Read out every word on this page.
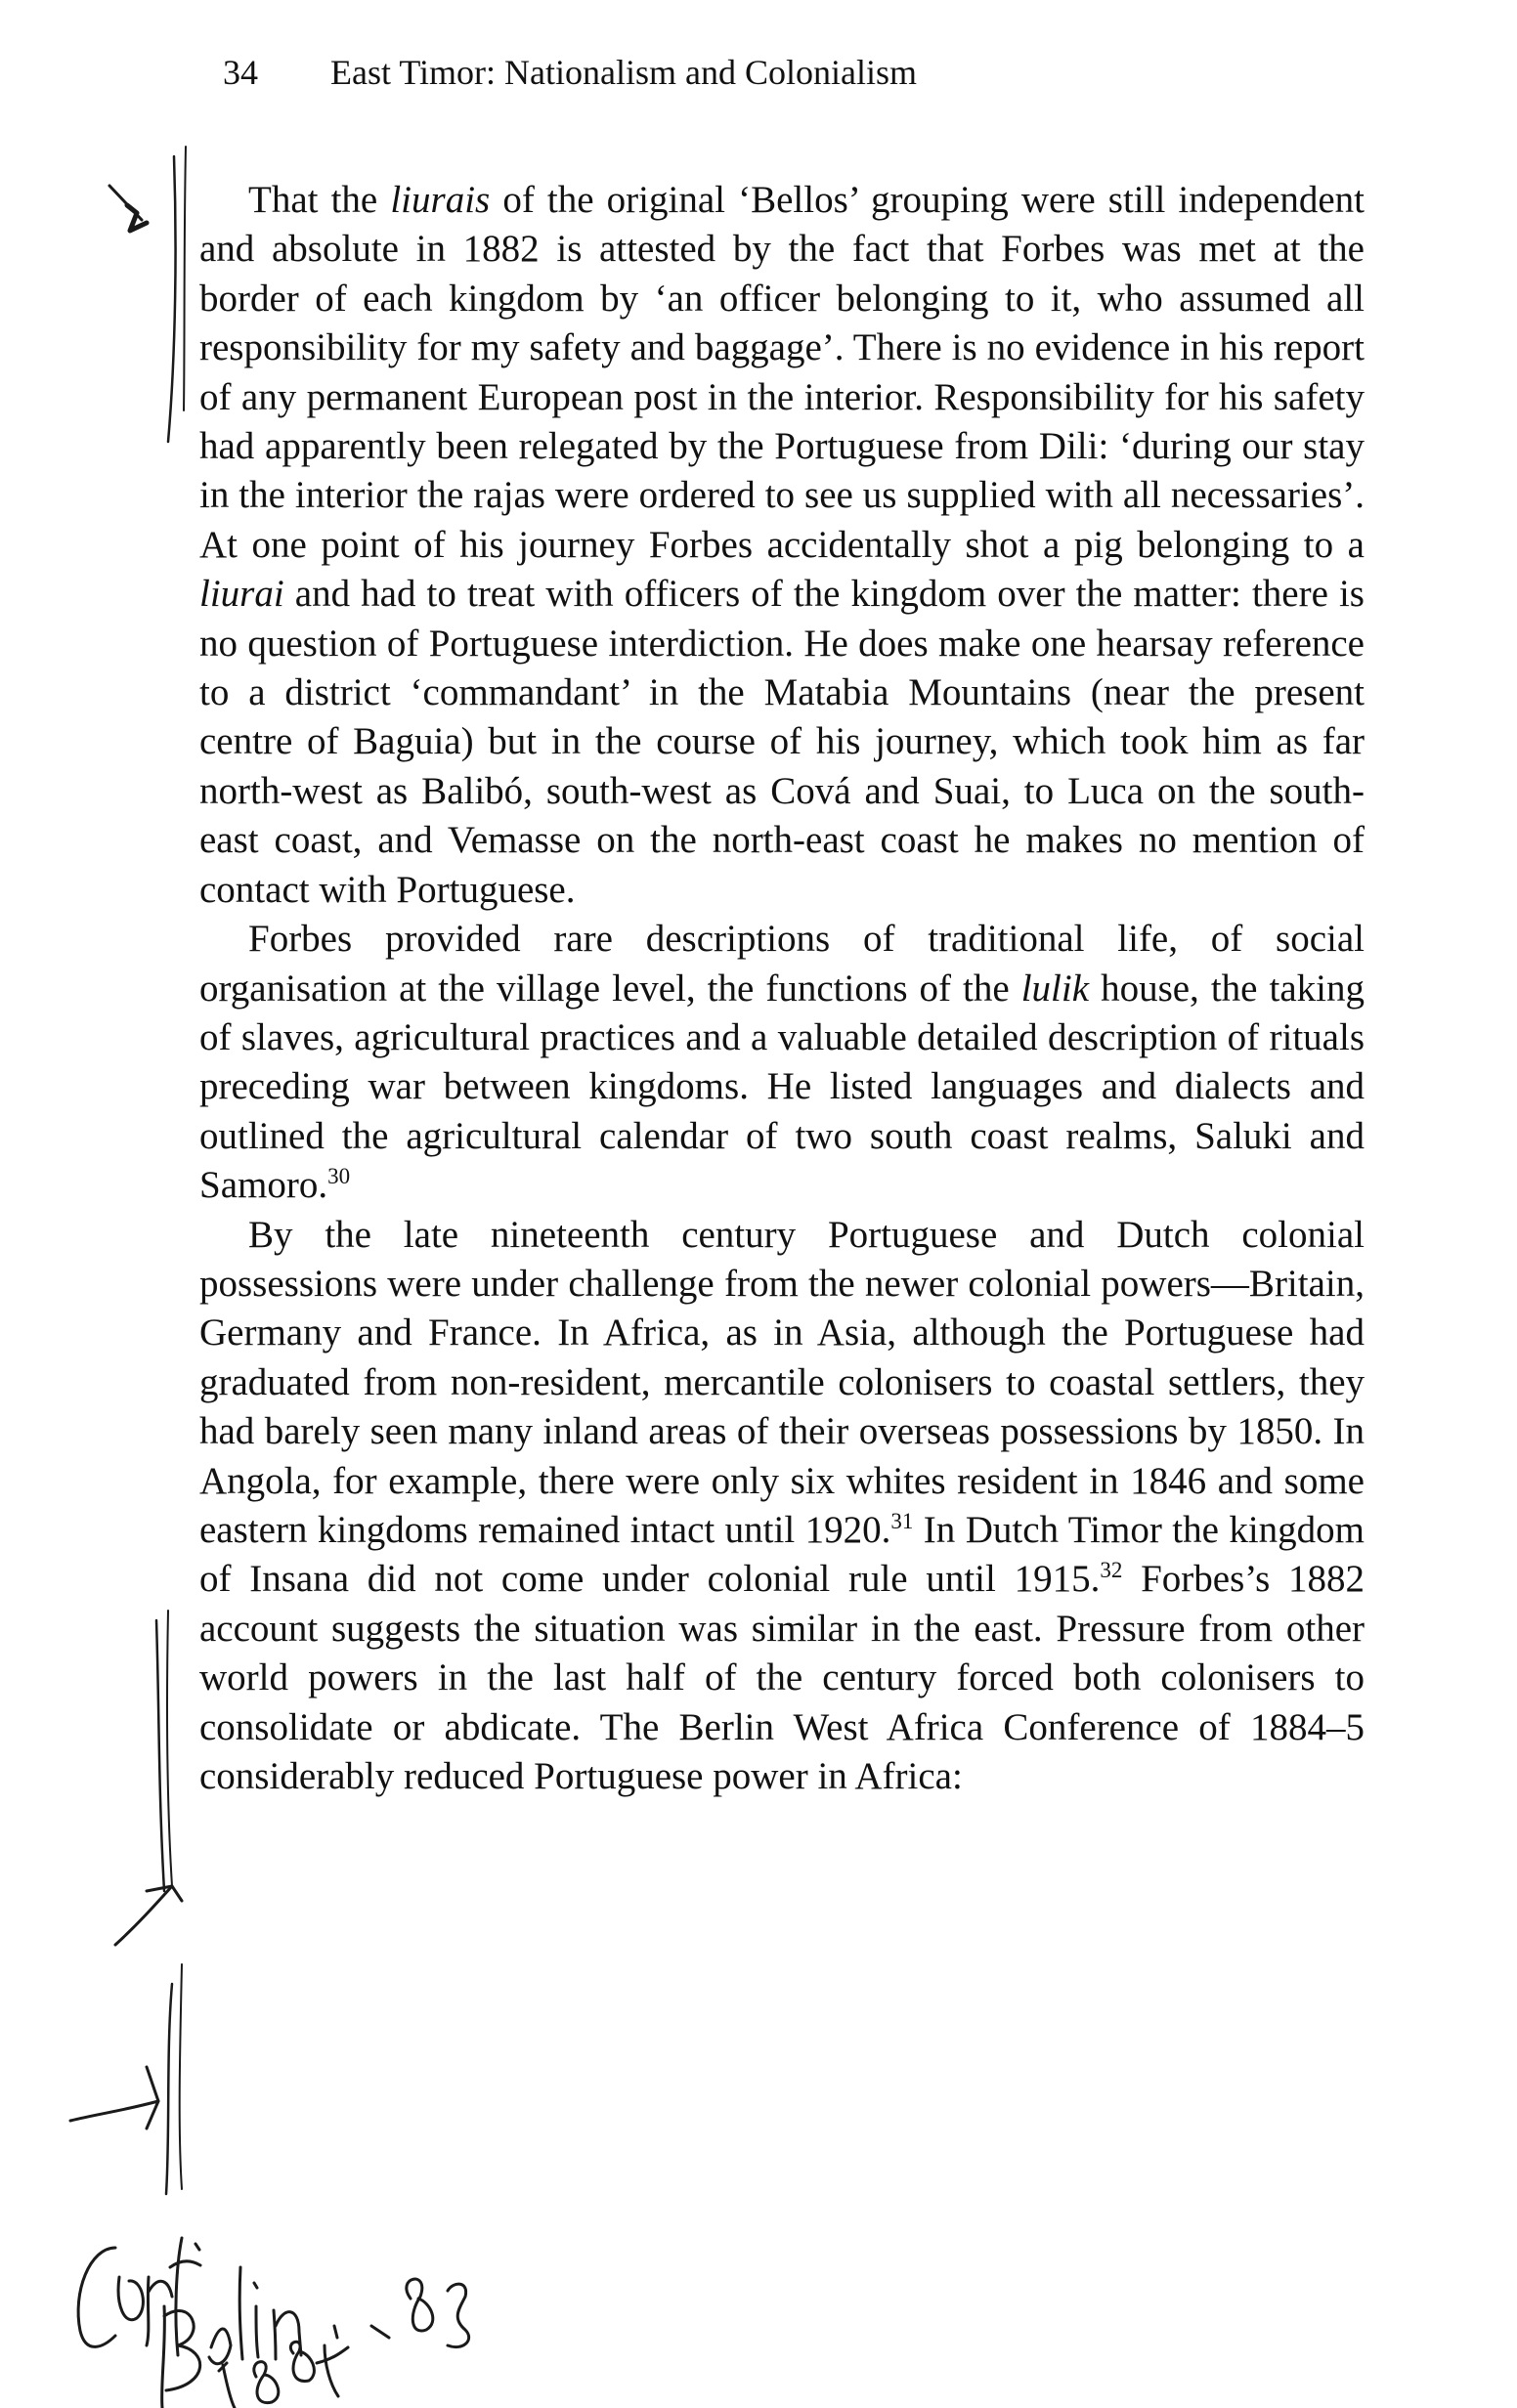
34 East Timor: Nationalism and Colonialism

That the liurais of the original ‘Bellos’ grouping were still independent and absolute in 1882 is attested by the fact that Forbes was met at the border of each kingdom by ‘an officer belonging to it, who assumed all responsibility for my safety and baggage’. There is no evidence in his report of any permanent European post in the interior. Responsibility for his safety had apparently been relegated by the Portuguese from Dili: ‘during our stay in the interior the rajas were ordered to see us supplied with all necessaries’. At one point of his journey Forbes accidentally shot a pig belonging to a liurai and had to treat with officers of the kingdom over the matter: there is no question of Portuguese interdiction. He does make one hearsay reference to a district ‘commandant’ in the Matabia Mountains (near the present centre of Baguia) but in the course of his journey, which took him as far north-west as Balibó, south-west as Cová and Suai, to Luca on the south-east coast, and Vemasse on the north-east coast he makes no mention of contact with Portuguese.

Forbes provided rare descriptions of traditional life, of social organisation at the village level, the functions of the lulik house, the taking of slaves, agricultural practices and a valuable detailed description of rituals preceding war between kingdoms. He listed languages and dialects and outlined the agricultural calendar of two south coast realms, Saluki and Samoro.$^{30}$

By the late nineteenth century Portuguese and Dutch colonial possessions were under challenge from the newer colonial powers—Britain, Germany and France. In Africa, as in Asia, although the Portuguese had graduated from non-resident, mercantile colonisers to coastal settlers, they had barely seen many inland areas of their overseas possessions by 1850. In Angola, for example, there were only six whites resident in 1846 and some eastern kingdoms remained intact until 1920.31 In Dutch Timor the kingdom of Insana did not come under colonial rule until 1915.32 Forbes’s 1882 account suggests the situation was similar in the east. Pressure from other world powers in the last half of the century forced both colonisers to consolidate or abdicate. The Berlin West Africa Conference of 1884–5 considerably reduced Portuguese power in Africa:
